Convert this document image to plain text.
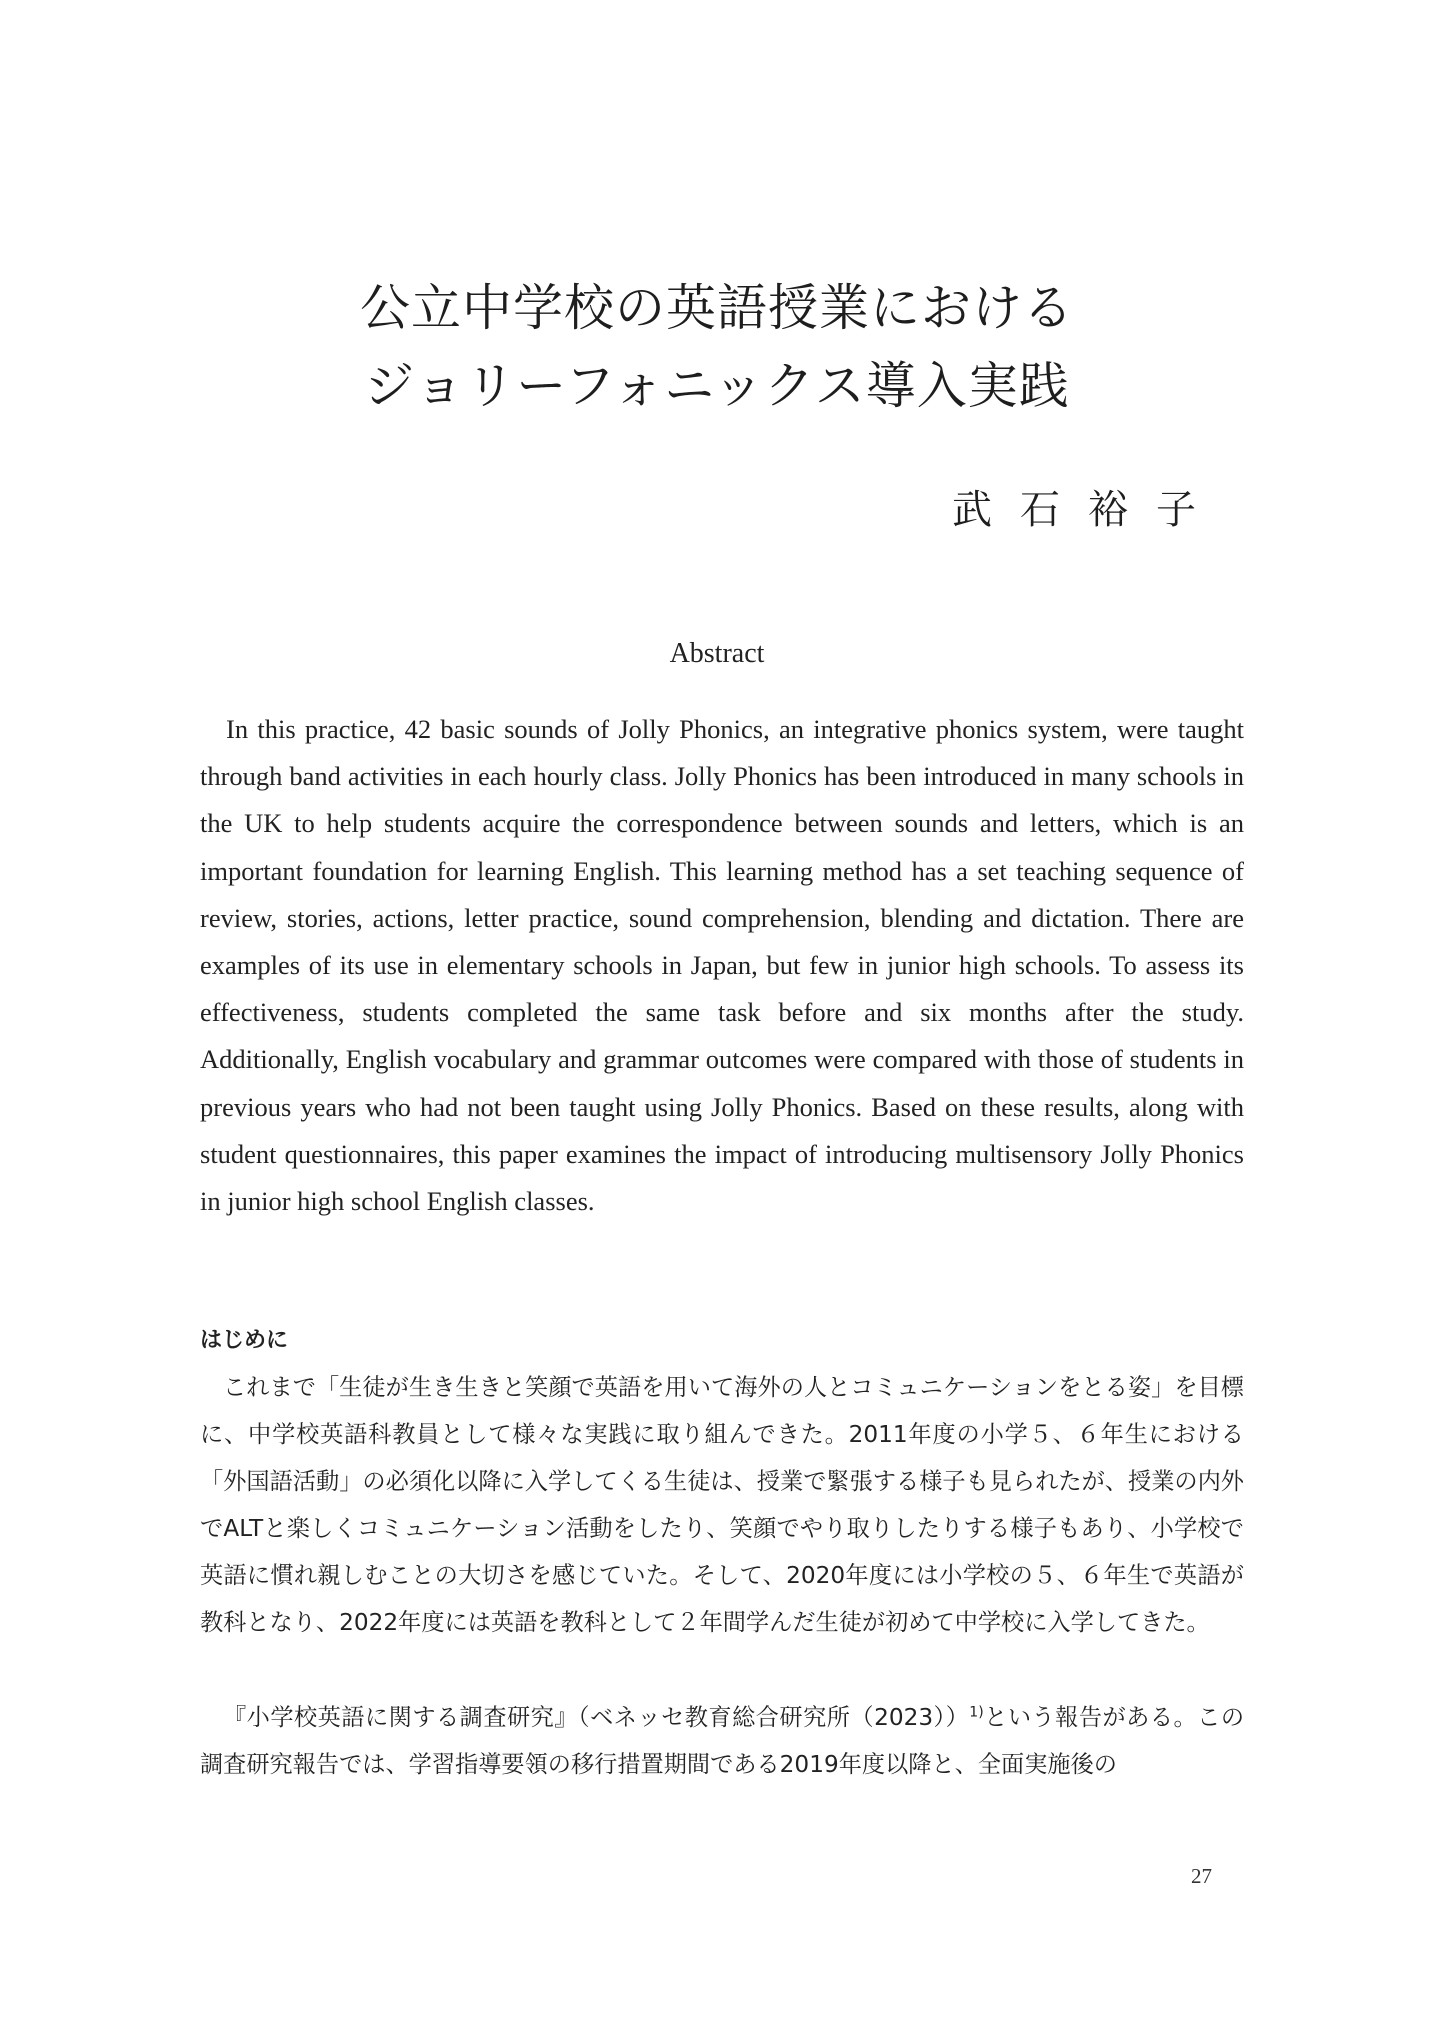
公立中学校の英語授業における
ジョリーフォニックス導入実践
武石裕子
Abstract

In this practice, 42 basic sounds of Jolly Phonics, an integrative phonics system, were taught through band activities in each hourly class. Jolly Phonics has been introduced in many schools in the UK to help students acquire the correspondence between sounds and letters, which is an important foundation for learning English. This learning method has a set teaching sequence of review, stories, actions, letter practice, sound comprehension, blending and dictation. There are examples of its use in elementary schools in Japan, but few in junior high schools. To assess its effectiveness, students completed the same task before and six months after the study. Additionally, English vocabulary and grammar outcomes were compared with those of students in previous years who had not been taught using Jolly Phonics. Based on these results, along with student questionnaires, this paper examines the impact of introducing multisensory Jolly Phonics in junior high school English classes.

はじめに

これまで「生徒が生き生きと笑顔で英語を用いて海外の人とコミュニケーションをとる姿」を目標に、中学校英語科教員として様々な実践に取り組んできた。2011年度の小学５、６年生における「外国語活動」の必須化以降に入学してくる生徒は、授業で緊張する様子も見られたが、授業の内外でALTと楽しくコミュニケーション活動をしたり、笑顔でやり取りしたりする様子もあり、小学校で英語に慣れ親しむことの大切さを感じていた。そして、2020年度には小学校の５、６年生で英語が教科となり、2022年度には英語を教科として２年間学んだ生徒が初めて中学校に入学してきた。

『小学校英語に関する調査研究』（ベネッセ教育総合研究所（2023））$^{1)}$という報告がある。この調査研究報告では、学習指導要領の移行措置期間である2019年度以降と、全面実施後の

27
